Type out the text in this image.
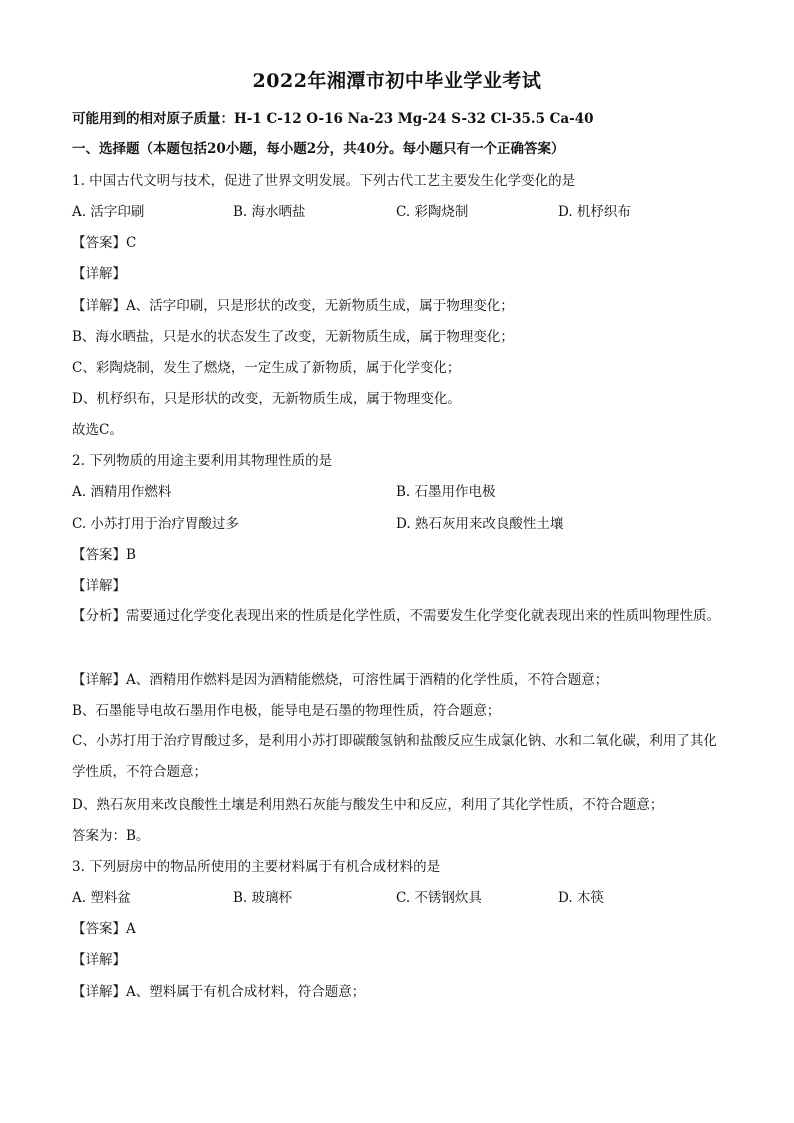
2022年湘潭市初中毕业学业考试
可能用到的相对原子质量：H-1 C-12 O-16 Na-23 Mg-24 S-32 Cl-35.5 Ca-40
一、选择题（本题包括20小题，每小题2分，共40分。每小题只有一个正确答案）
1. 中国古代文明与技术，促进了世界文明发展。下列古代工艺主要发生化学变化的是
A. 活字印刷	B. 海水晒盐	C. 彩陶烧制	D. 机杼织布
【答案】C
【详解】
【详解】A、活字印刷，只是形状的改变，无新物质生成，属于物理变化；
B、海水晒盐，只是水的状态发生了改变，无新物质生成，属于物理变化；
C、彩陶烧制，发生了燃烧，一定生成了新物质，属于化学变化；
D、机杼织布，只是形状的改变，无新物质生成，属于物理变化。
故选C。
2. 下列物质的用途主要利用其物理性质的是
A. 酒精用作燃料	B. 石墨用作电极
C. 小苏打用于治疗胃酸过多	D. 熟石灰用来改良酸性土壤
【答案】B
【详解】
【分析】需要通过化学变化表现出来的性质是化学性质，不需要发生化学变化就表现出来的性质叫物理性质。
【详解】A、酒精用作燃料是因为酒精能燃烧，可溶性属于酒精的化学性质，不符合题意；
B、石墨能导电故石墨用作电极，能导电是石墨的物理性质，符合题意；
C、小苏打用于治疗胃酸过多，是利用小苏打即碳酸氢钠和盐酸反应生成氯化钠、水和二氧化碳，利用了其化学性质，不符合题意；
D、熟石灰用来改良酸性土壤是利用熟石灰能与酸发生中和反应，利用了其化学性质，不符合题意；
答案为：B。
3. 下列厨房中的物品所使用的主要材料属于有机合成材料的是
A. 塑料盆	B. 玻璃杯	C. 不锈钢炊具	D. 木筷
【答案】A
【详解】
【详解】A、塑料属于有机合成材料，符合题意；
